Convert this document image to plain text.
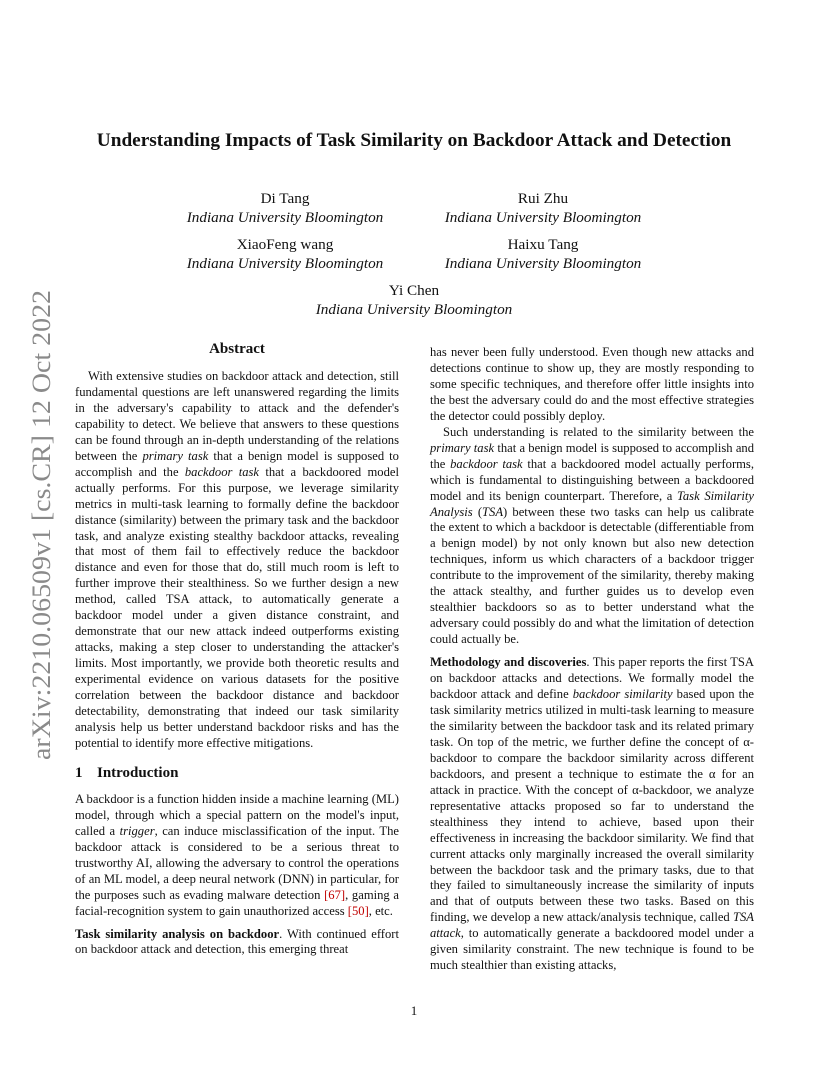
arXiv:2210.06509v1 [cs.CR] 12 Oct 2022
Understanding Impacts of Task Similarity on Backdoor Attack and Detection
Di Tang
Indiana University Bloomington
Rui Zhu
Indiana University Bloomington
XiaoFeng wang
Indiana University Bloomington
Haixu Tang
Indiana University Bloomington
Yi Chen
Indiana University Bloomington
Abstract

With extensive studies on backdoor attack and detection, still fundamental questions are left unanswered regarding the limits in the adversary's capability to attack and the defender's capability to detect. We believe that answers to these questions can be found through an in-depth understanding of the relations between the primary task that a benign model is supposed to accomplish and the backdoor task that a backdoored model actually performs. For this purpose, we leverage similarity metrics in multi-task learning to formally define the backdoor distance (similarity) between the primary task and the backdoor task, and analyze existing stealthy backdoor attacks, revealing that most of them fail to effectively reduce the backdoor distance and even for those that do, still much room is left to further improve their stealthiness. So we further design a new method, called TSA attack, to automatically generate a backdoor model under a given distance constraint, and demonstrate that our new attack indeed outperforms existing attacks, making a step closer to understanding the attacker's limits. Most importantly, we provide both theoretic results and experimental evidence on various datasets for the positive correlation between the backdoor distance and backdoor detectability, demonstrating that indeed our task similarity analysis help us better understand backdoor risks and has the potential to identify more effective mitigations.

1 Introduction

A backdoor is a function hidden inside a machine learning (ML) model, through which a special pattern on the model's input, called a trigger, can induce misclassification of the input. The backdoor attack is considered to be a serious threat to trustworthy AI, allowing the adversary to control the operations of an ML model, a deep neural network (DNN) in particular, for the purposes such as evading malware detection [67], gaming a facial-recognition system to gain unauthorized access [50], etc.

Task similarity analysis on backdoor. With continued effort on backdoor attack and detection, this emerging threat

has never been fully understood. Even though new attacks and detections continue to show up, they are mostly responding to some specific techniques, and therefore offer little insights into the best the adversary could do and the most effective strategies the detector could possibly deploy.

Such understanding is related to the similarity between the primary task that a benign model is supposed to accomplish and the backdoor task that a backdoored model actually performs, which is fundamental to distinguishing between a backdoored model and its benign counterpart. Therefore, a Task Similarity Analysis (TSA) between these two tasks can help us calibrate the extent to which a backdoor is detectable (differentiable from a benign model) by not only known but also new detection techniques, inform us which characters of a backdoor trigger contribute to the improvement of the similarity, thereby making the attack stealthy, and further guides us to develop even stealthier backdoors so as to better understand what the adversary could possibly do and what the limitation of detection could actually be.

Methodology and discoveries. This paper reports the first TSA on backdoor attacks and detections. We formally model the backdoor attack and define backdoor similarity based upon the task similarity metrics utilized in multi-task learning to measure the similarity between the backdoor task and its related primary task. On top of the metric, we further define the concept of α-backdoor to compare the backdoor similarity across different backdoors, and present a technique to estimate the α for an attack in practice. With the concept of α-backdoor, we analyze representative attacks proposed so far to understand the stealthiness they intend to achieve, based upon their effectiveness in increasing the backdoor similarity. We find that current attacks only marginally increased the overall similarity between the backdoor task and the primary tasks, due to that they failed to simultaneously increase the similarity of inputs and that of outputs between these two tasks. Based on this finding, we develop a new attack/analysis technique, called TSA attack, to automatically generate a backdoored model under a given similarity constraint. The new technique is found to be much stealthier than existing attacks,

1
